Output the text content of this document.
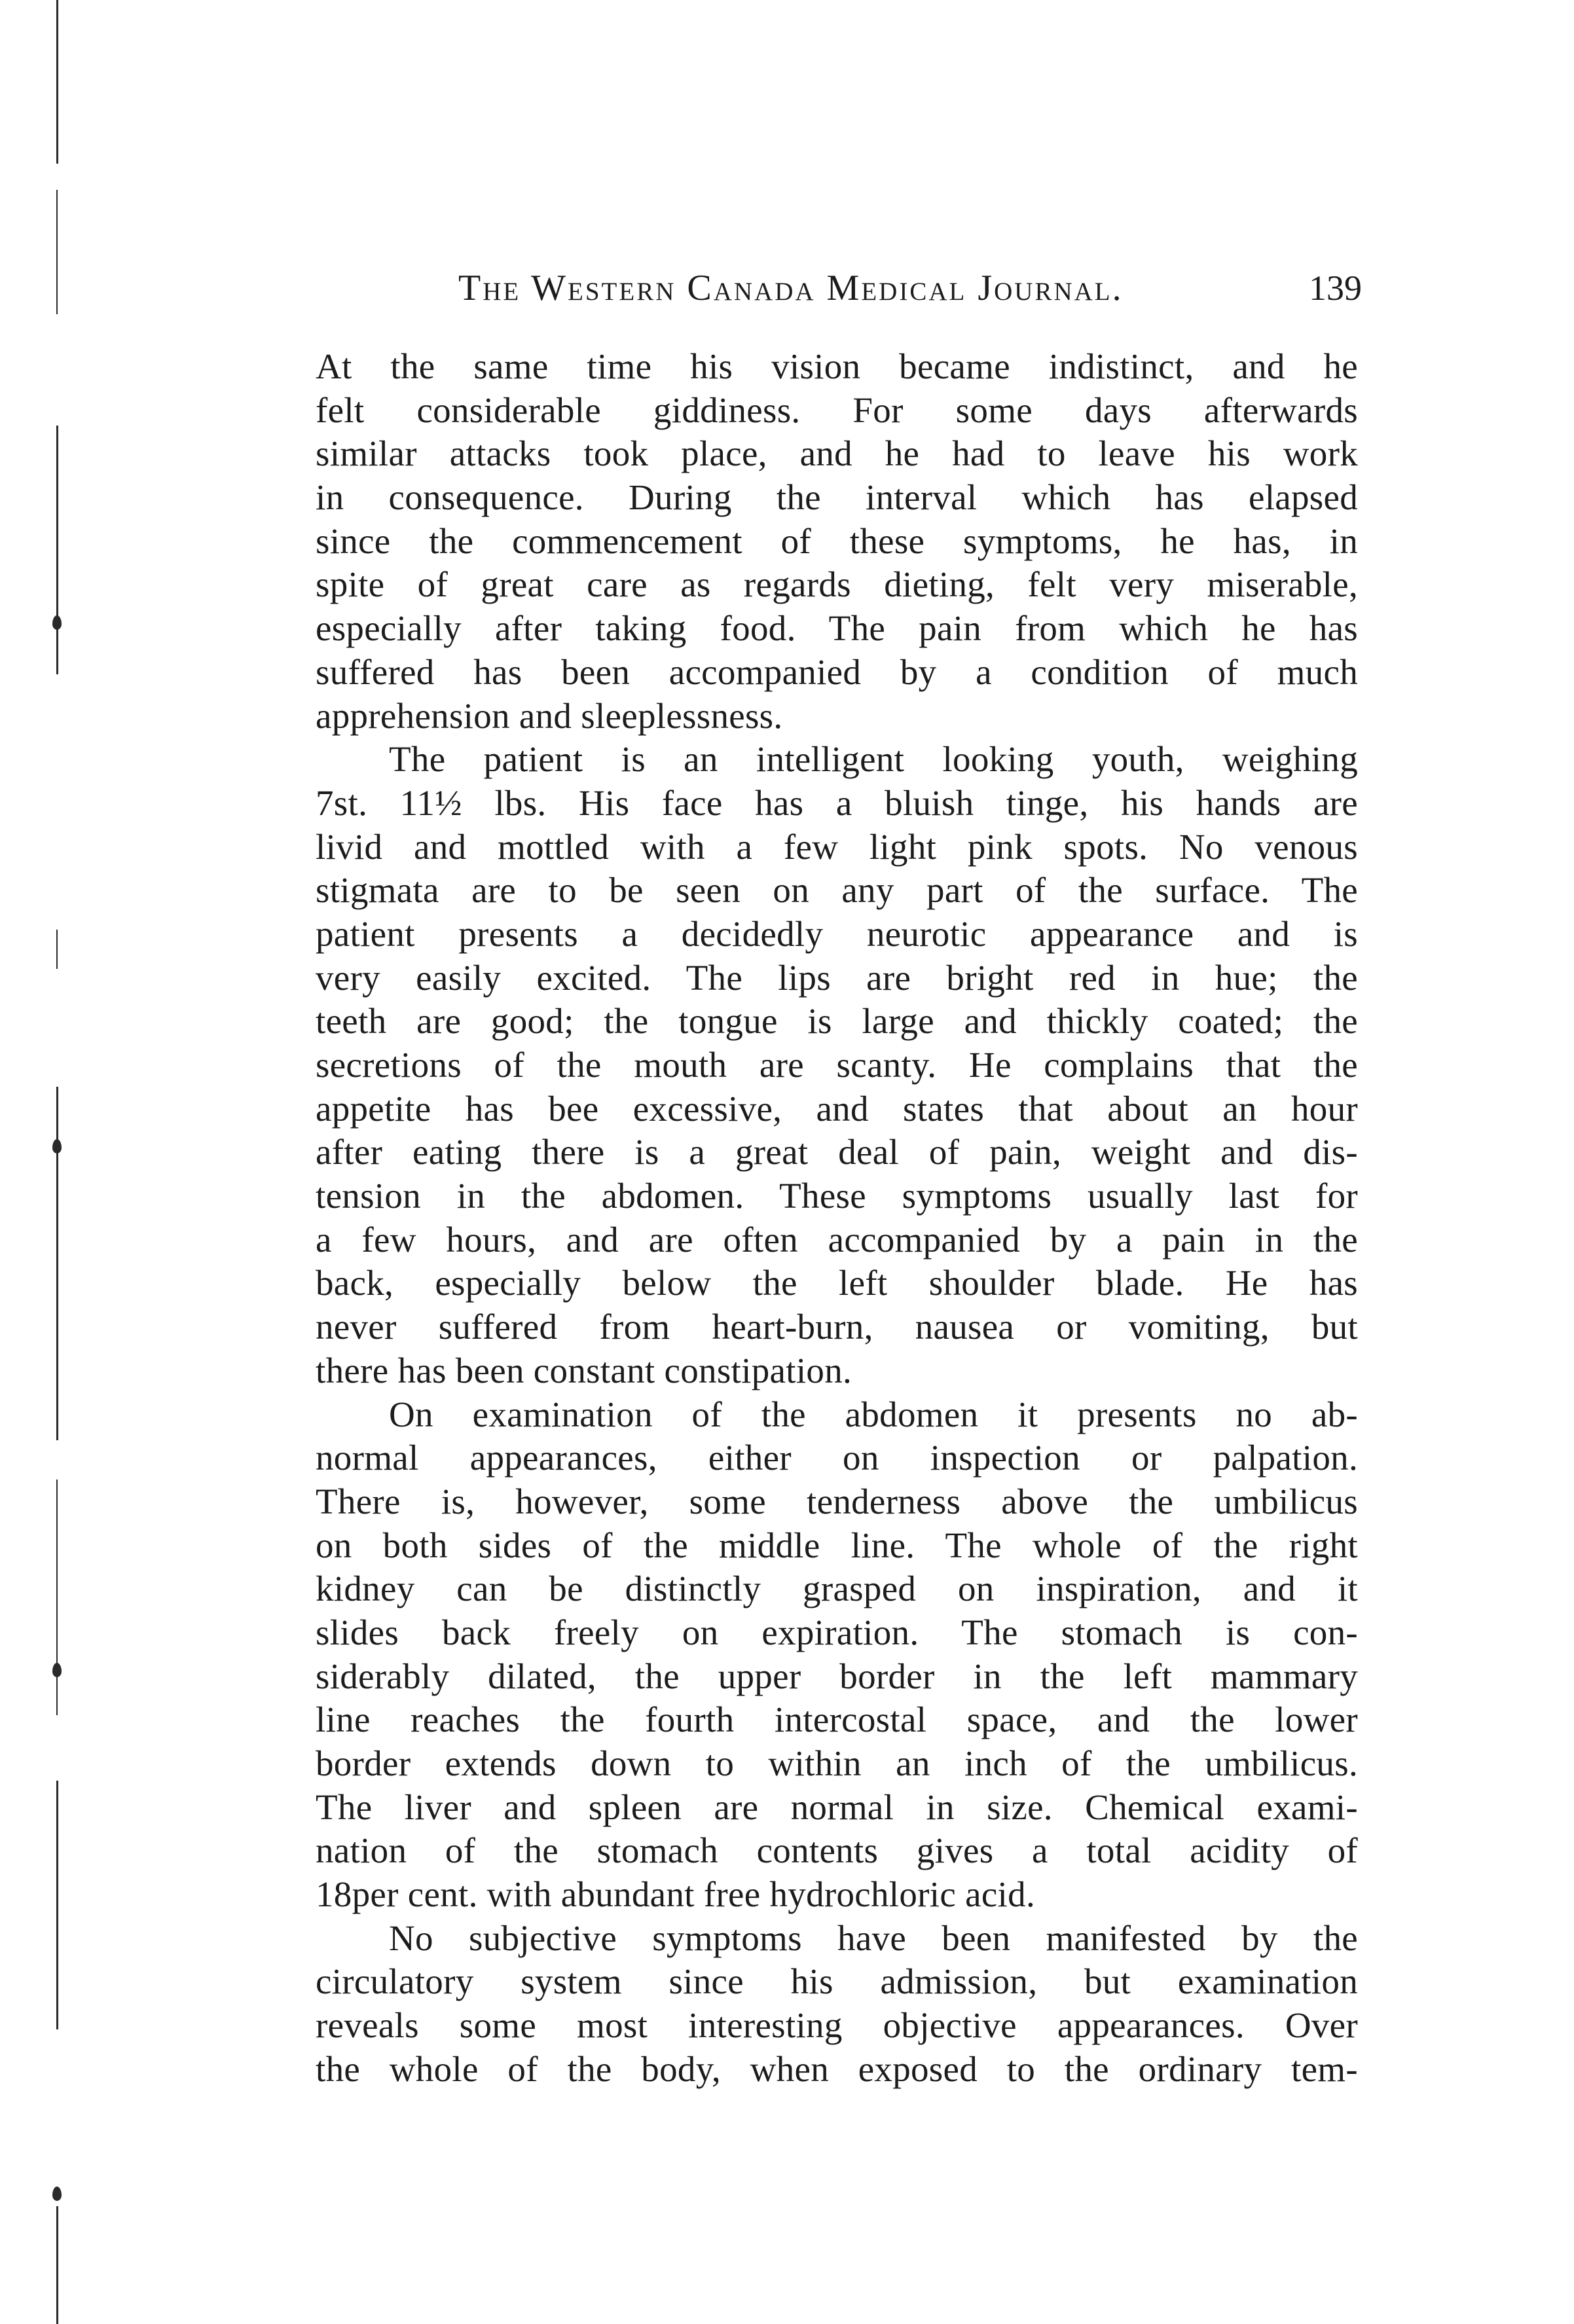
The Western Canada Medical Journal.	139
At the same time his vision became indistinct, and he
felt considerable giddiness. For some days afterwards
similar attacks took place, and he had to leave his work
in consequence. During the interval which has elapsed
since the commencement of these symptoms, he has, in
spite of great care as regards dieting, felt very miserable,
especially after taking food. The pain from which he has
suffered has been accompanied by a condition of much
apprehension and sleeplessness.
The patient is an intelligent looking youth, weighing
7st. 11½ lbs. His face has a bluish tinge, his hands are
livid and mottled with a few light pink spots. No venous
stigmata are to be seen on any part of the surface. The
patient presents a decidedly neurotic appearance and is
very easily excited. The lips are bright red in hue; the
teeth are good; the tongue is large and thickly coated; the
secretions of the mouth are scanty. He complains that the
appetite has bee excessive, and states that about an hour
after eating there is a great deal of pain, weight and dis-
tension in the abdomen. These symptoms usually last for
a few hours, and are often accompanied by a pain in the
back, especially below the left shoulder blade. He has
never suffered from heart-burn, nausea or vomiting, but
there has been constant constipation.
On examination of the abdomen it presents no ab-
normal appearances, either on inspection or palpation.
There is, however, some tenderness above the umbilicus
on both sides of the middle line. The whole of the right
kidney can be distinctly grasped on inspiration, and it
slides back freely on expiration. The stomach is con-
siderably dilated, the upper border in the left mammary
line reaches the fourth intercostal space, and the lower
border extends down to within an inch of the umbilicus.
The liver and spleen are normal in size. Chemical exami-
nation of the stomach contents gives a total acidity of
18per cent. with abundant free hydrochloric acid.
No subjective symptoms have been manifested by the
circulatory system since his admission, but examination
reveals some most interesting objective appearances. Over
the whole of the body, when exposed to the ordinary tem-
